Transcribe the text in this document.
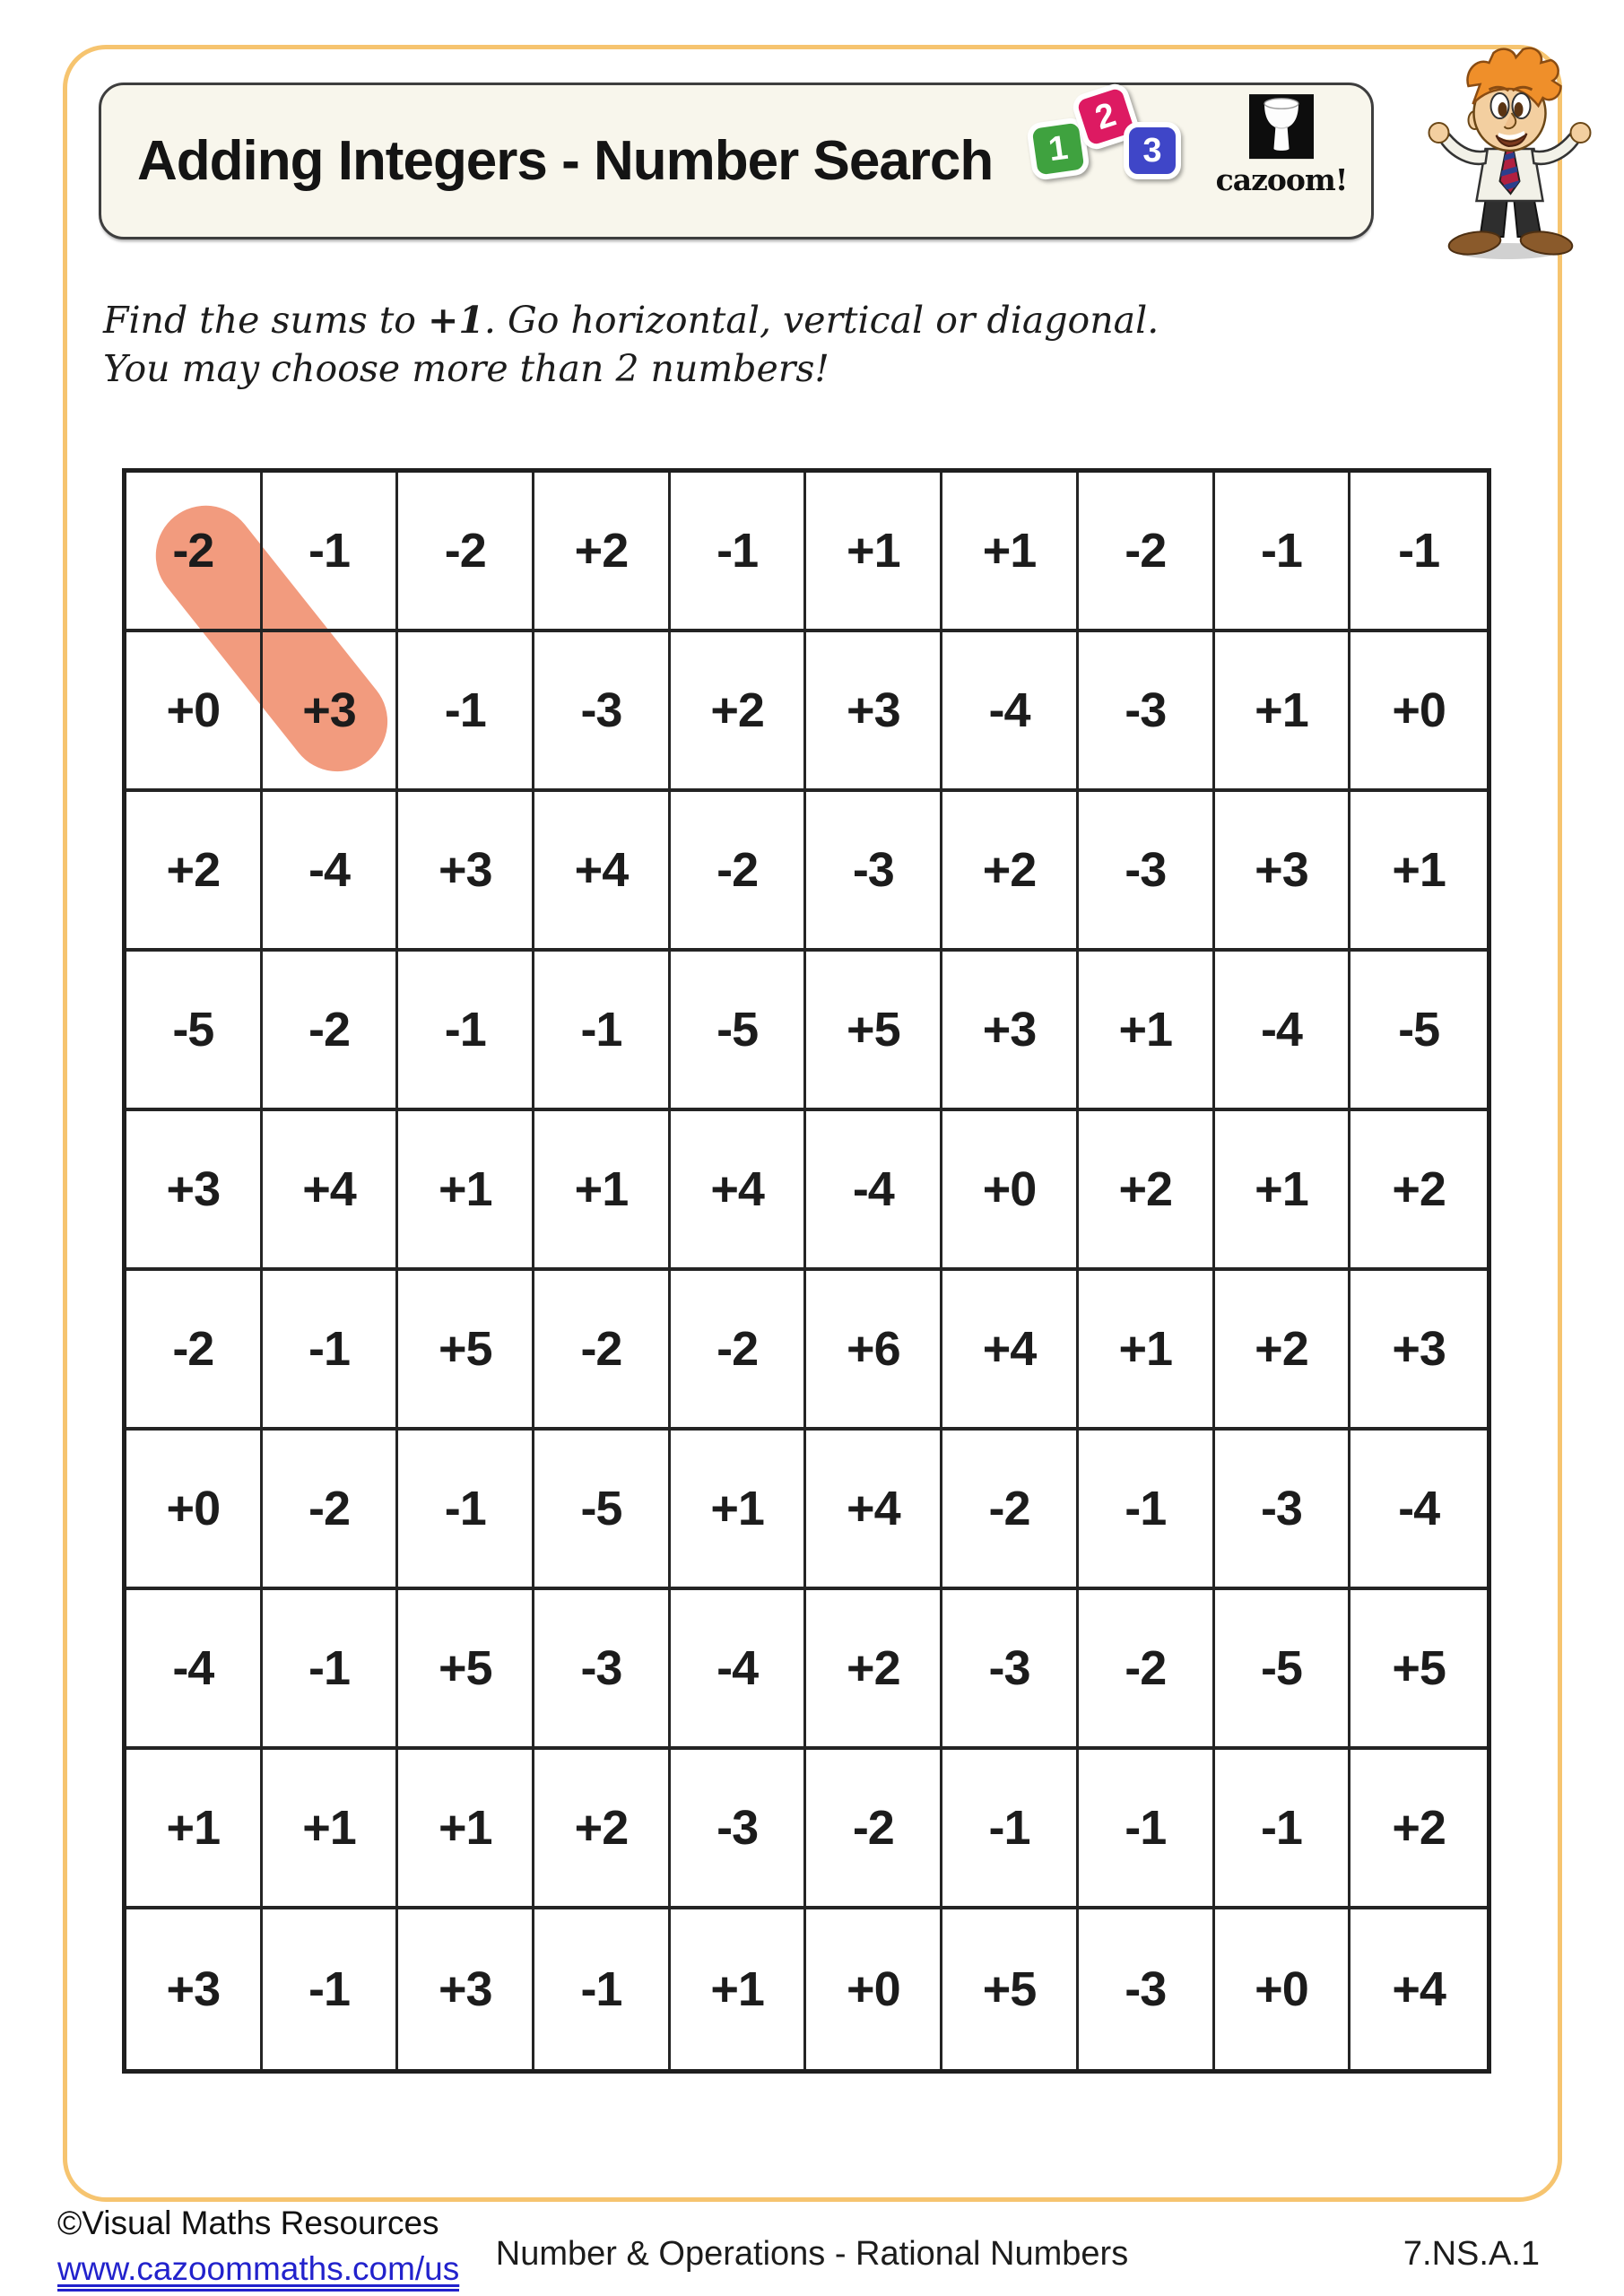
Adding Integers - Number Search 1
2
3
cazoom!

Find the sums to +1. Go horizontal, vertical or diagonal.

You may choose more than 2 numbers!

-2	-1	-2	+2	-1	+1	+1	-2	-1	-1
+0	+3	-1	-3	+2	+3	-4	-3	+1	+0
+2	-4	+3	+4	-2	-3	+2	-3	+3	+1
-5	-2	-1	-1	-5	+5	+3	+1	-4	-5
+3	+4	+1	+1	+4	-4	+0	+2	+1	+2
-2	-1	+5	-2	-2	+6	+4	+1	+2	+3
+0	-2	-1	-5	+1	+4	-2	-1	-3	-4
-4	-1	+5	-3	-4	+2	-3	-2	-5	+5
+1	+1	+1	+2	-3	-2	-1	-1	-1	+2
+3	-1	+3	-1	+1	+0	+5	-3	+0	+4
©Visual Maths Resources
www.cazoommaths.com/us	Number & Operations - Rational Numbers	7.NS.A.1
